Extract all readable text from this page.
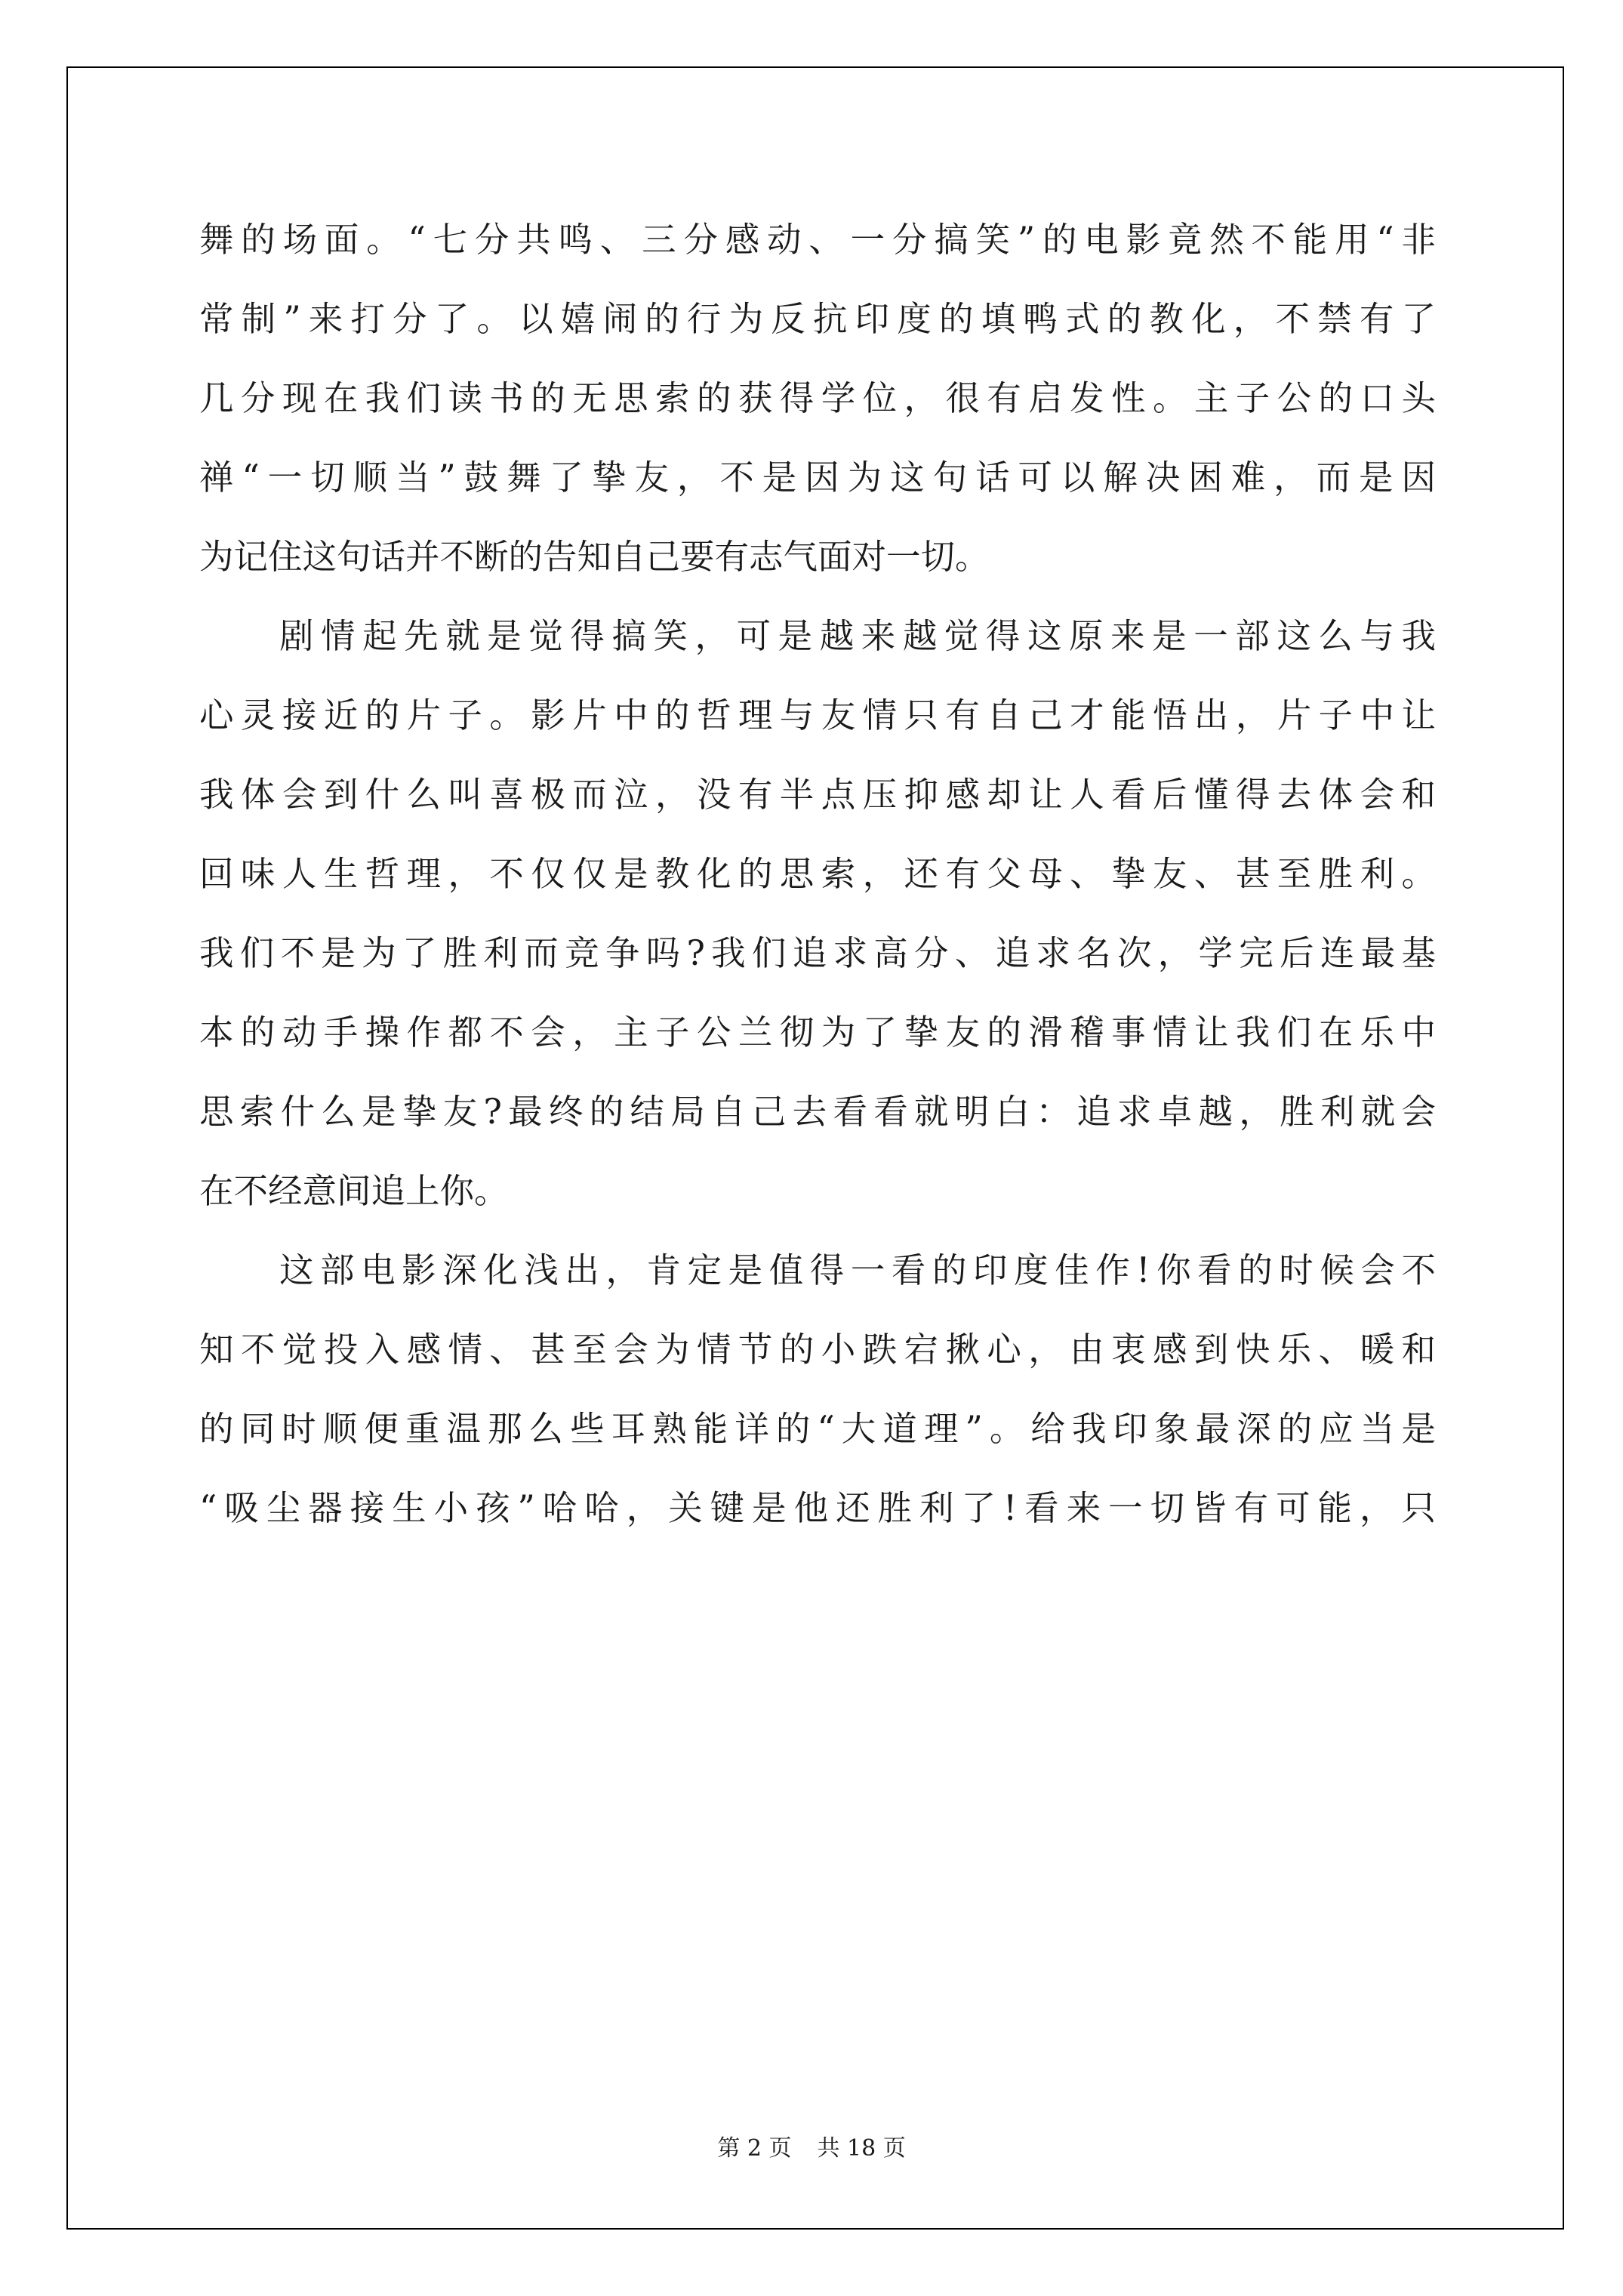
舞的场面。“七分共鸣、三分感动、一分搞笑”的电影竟然不能用“非
常制”来打分了。以嬉闹的行为反抗印度的填鸭式的教化，不禁有了
几分现在我们读书的无思索的获得学位，很有启发性。主子公的口头
禅“一切顺当”鼓舞了挚友，不是因为这句话可以解决困难，而是因
为记住这句话并不断的告知自己要有志气面对一切。
剧情起先就是觉得搞笑，可是越来越觉得这原来是一部这么与我
心灵接近的片子。影片中的哲理与友情只有自己才能悟出，片子中让
我体会到什么叫喜极而泣，没有半点压抑感却让人看后懂得去体会和
回味人生哲理，不仅仅是教化的思索，还有父母、挚友、甚至胜利。
我们不是为了胜利而竞争吗?我们追求高分、追求名次，学完后连最基
本的动手操作都不会，主子公兰彻为了挚友的滑稽事情让我们在乐中
思索什么是挚友?最终的结局自己去看看就明白：追求卓越，胜利就会
在不经意间追上你。
这部电影深化浅出，肯定是值得一看的印度佳作!你看的时候会不
知不觉投入感情、甚至会为情节的小跌宕揪心，由衷感到快乐、暖和
的同时顺便重温那么些耳熟能详的“大道理”。给我印象最深的应当是
“吸尘器接生小孩”哈哈，关键是他还胜利了!看来一切皆有可能，只
第 2 页 共 18 页
